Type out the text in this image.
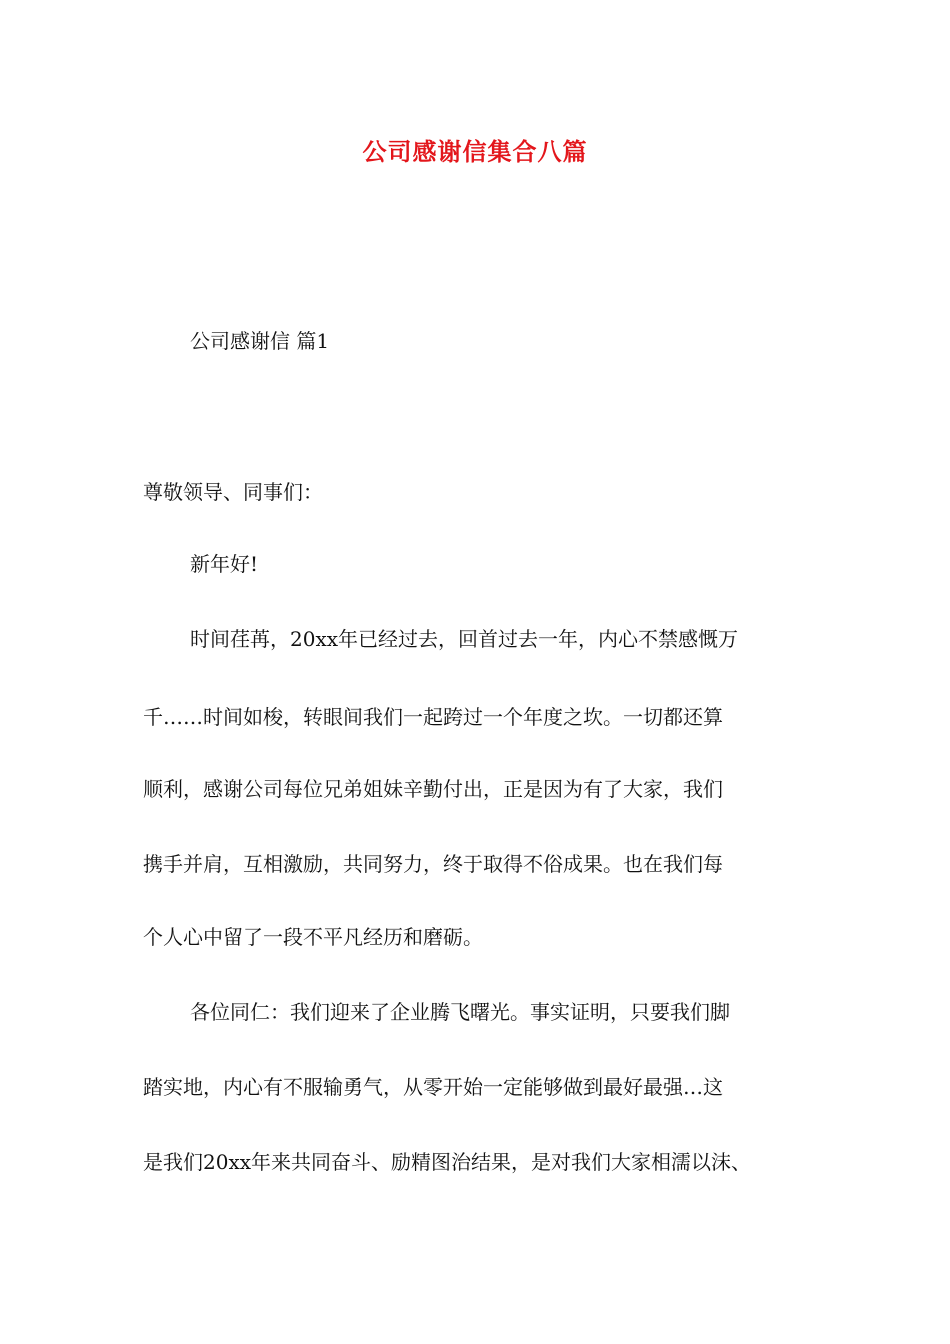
公司感谢信集合八篇
公司感谢信 篇1
尊敬领导、同事们：
新年好!
时间荏苒，20xx年已经过去，回首过去一年，内心不禁感慨万
千……时间如梭，转眼间我们一起跨过一个年度之坎。一切都还算
顺利，感谢公司每位兄弟姐妹辛勤付出，正是因为有了大家，我们
携手并肩，互相激励，共同努力，终于取得不俗成果。也在我们每
个人心中留了一段不平凡经历和磨砺。
各位同仁：我们迎来了企业腾飞曙光。事实证明，只要我们脚
踏实地，内心有不服输勇气，从零开始一定能够做到最好最强…这
是我们20xx年来共同奋斗、励精图治结果，是对我们大家相濡以沫、
